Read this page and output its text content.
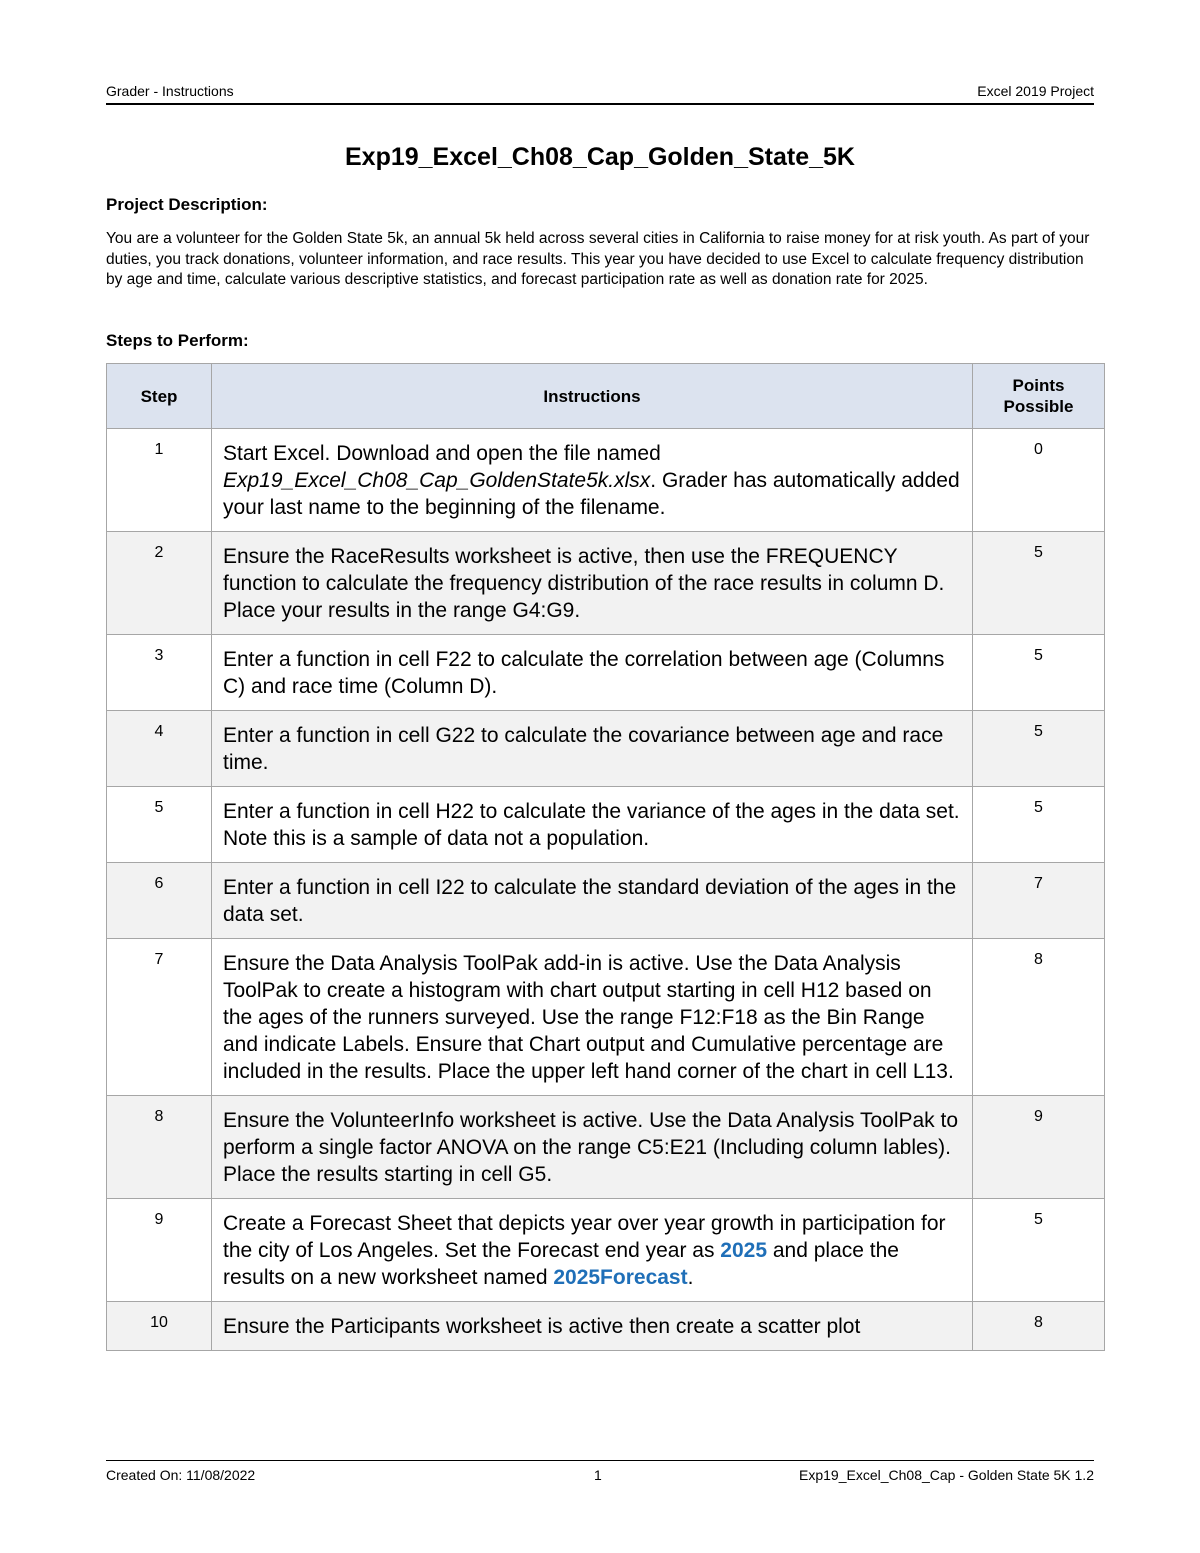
Grader - Instructions	Excel 2019 Project
Exp19_Excel_Ch08_Cap_Golden_State_5K
Project Description:
You are a volunteer for the Golden State 5k, an annual 5k held across several cities in California to raise money for at risk youth. As part of your duties, you track donations, volunteer information, and race results. This year you have decided to use Excel to calculate frequency distribution by age and time, calculate various descriptive statistics, and forecast participation rate as well as donation rate for 2025.
Steps to Perform:
Step	Instructions	Points Possible
1	Start Excel. Download and open the file named Exp19_Excel_Ch08_Cap_GoldenState5k.xlsx. Grader has automatically added your last name to the beginning of the filename.	0
2	Ensure the RaceResults worksheet is active, then use the FREQUENCY function to calculate the frequency distribution of the race results in column D. Place your results in the range G4:G9.	5
3	Enter a function in cell F22 to calculate the correlation between age (Columns C) and race time (Column D).	5
4	Enter a function in cell G22 to calculate the covariance between age and race time.	5
5	Enter a function in cell H22 to calculate the variance of the ages in the data set. Note this is a sample of data not a population.	5
6	Enter a function in cell I22 to calculate the standard deviation of the ages in the data set.	7
7	Ensure the Data Analysis ToolPak add-in is active. Use the Data Analysis ToolPak to create a histogram with chart output starting in cell H12 based on the ages of the runners surveyed. Use the range F12:F18 as the Bin Range and indicate Labels. Ensure that Chart output and Cumulative percentage are included in the results. Place the upper left hand corner of the chart in cell L13.	8
8	Ensure the VolunteerInfo worksheet is active. Use the Data Analysis ToolPak to perform a single factor ANOVA on the range C5:E21 (Including column lables). Place the results starting in cell G5.	9
9	Create a Forecast Sheet that depicts year over year growth in participation for the city of Los Angeles. Set the Forecast end year as 2025 and place the results on a new worksheet named 2025Forecast.	5
10	Ensure the Participants worksheet is active then create a scatter plot	8
Created On: 11/08/2022	1	Exp19_Excel_Ch08_Cap - Golden State 5K 1.2
